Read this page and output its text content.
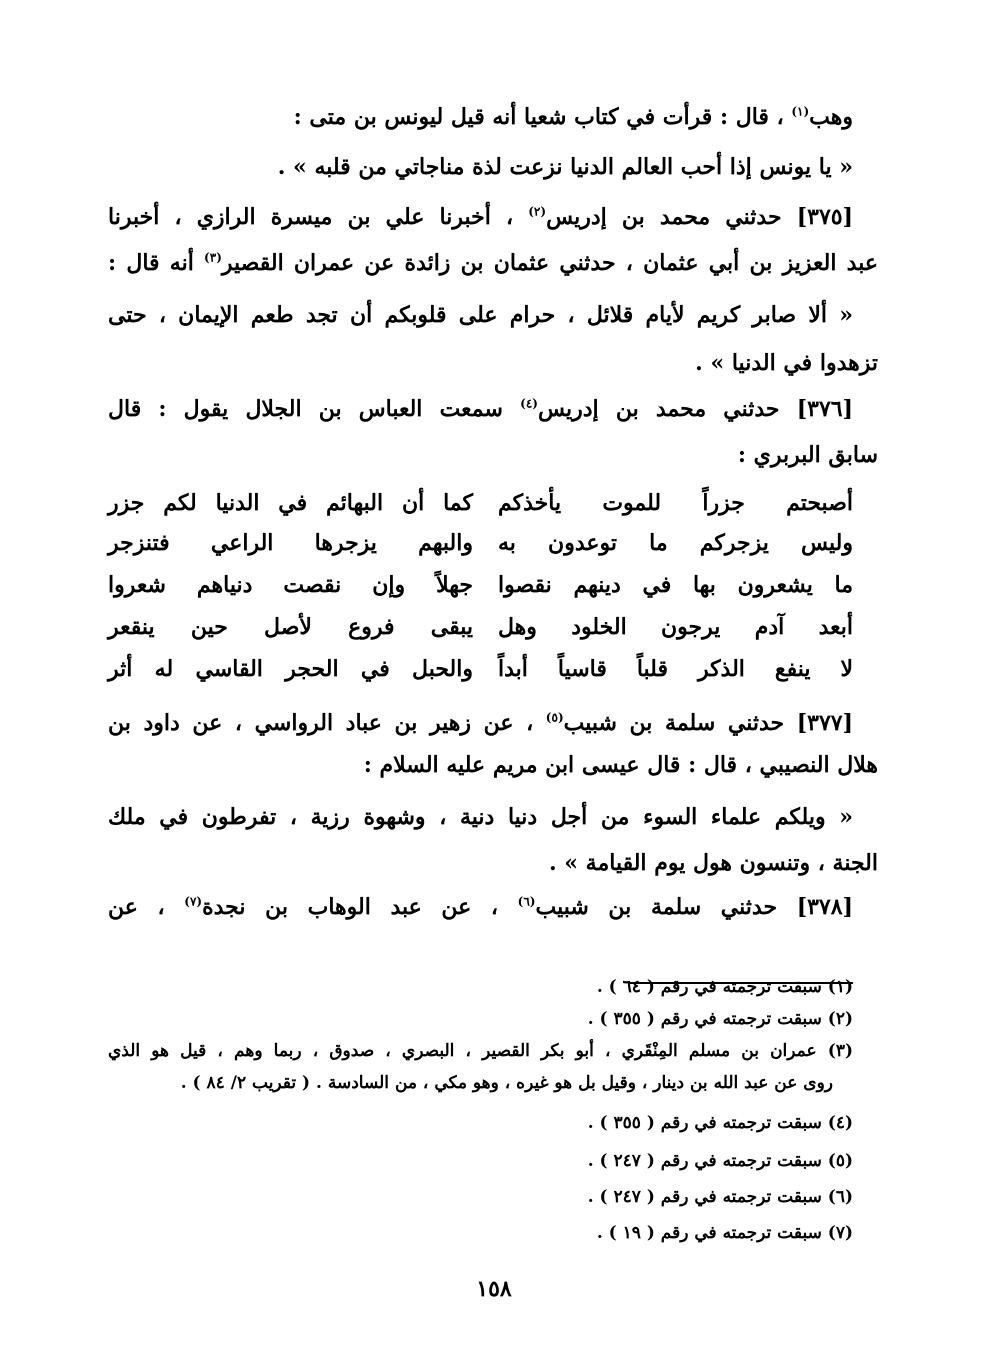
وهب$^{(١)}$ ، قال : قرأت في كتاب شعيا أنه قيل ليونس بن متى :
« يا يونس إذا أحب العالم الدنيا نزعت لذة مناجاتي من قلبه » .
[٣٧٥] حدثني محمد بن إدريس$^{(٢)}$ ، أخبرنا علي بن ميسرة الرازي ، أخبرنا
عبد العزيز بن أبي عثمان ، حدثني عثمان بن زائدة عن عمران القصير$^{(٣)}$ أنه قال :
« ألا صابر كريم لأيام قلائل ، حرام على قلوبكم أن تجد طعم الإيمان ، حتى
تزهدوا في الدنيا » .
[٣٧٦] حدثني محمد بن إدريس$^{(٤)}$ سمعت العباس بن الجلال يقول : قال
سابق البربري :
أصبحتم جزراً للموت يأخذكم
كما أن البهائم في الدنيا لكم جزر
وليس يزجركم ما توعدون به
والبهم يزجرها الراعي فتنزجر
ما يشعرون بها في دينهم نقصوا
جهلاً وإن نقصت دنياهم شعروا
أبعد آدم يرجون الخلود وهل
يبقى فروع لأصل حين ينقعر
لا ينفع الذكر قلباً قاسياً أبداً
والحبل في الحجر القاسي له أثر
[٣٧٧] حدثني سلمة بن شبيب$^{(٥)}$ ، عن زهير بن عباد الرواسي ، عن داود بن
هلال النصيبي ، قال : قال عيسى ابن مريم عليه السلام :
« ويلكم علماء السوء من أجل دنيا دنية ، وشهوة رزية ، تفرطون في ملك
الجنة ، وتنسون هول يوم القيامة » .
[٣٧٨] حدثني سلمة بن شبيب$^{(٦)}$ ، عن عبد الوهاب بن نجدة$^{(٧)}$ ، عن
(١) سبقت ترجمته في رقم ( ٦٤ ) .
(٢) سبقت ترجمته في رقم ( ٣٥٥ ) .
(٣) عمران بن مسلم المِنْقَري ، أبو بكر القصير ، البصري ، صدوق ، ربما وهم ، قيل هو الذي
روى عن عبد الله بن دينار ، وقيل بل هو غيره ، وهو مكي ، من السادسة . ( تقريب ٢/ ٨٤ ) .
(٤) سبقت ترجمته في رقم ( ٣٥٥ ) .
(٥) سبقت ترجمته في رقم ( ٢٤٧ ) .
(٦) سبقت ترجمته في رقم ( ٢٤٧ ) .
(٧) سبقت ترجمته في رقم ( ١٩ ) .
١٥٨
